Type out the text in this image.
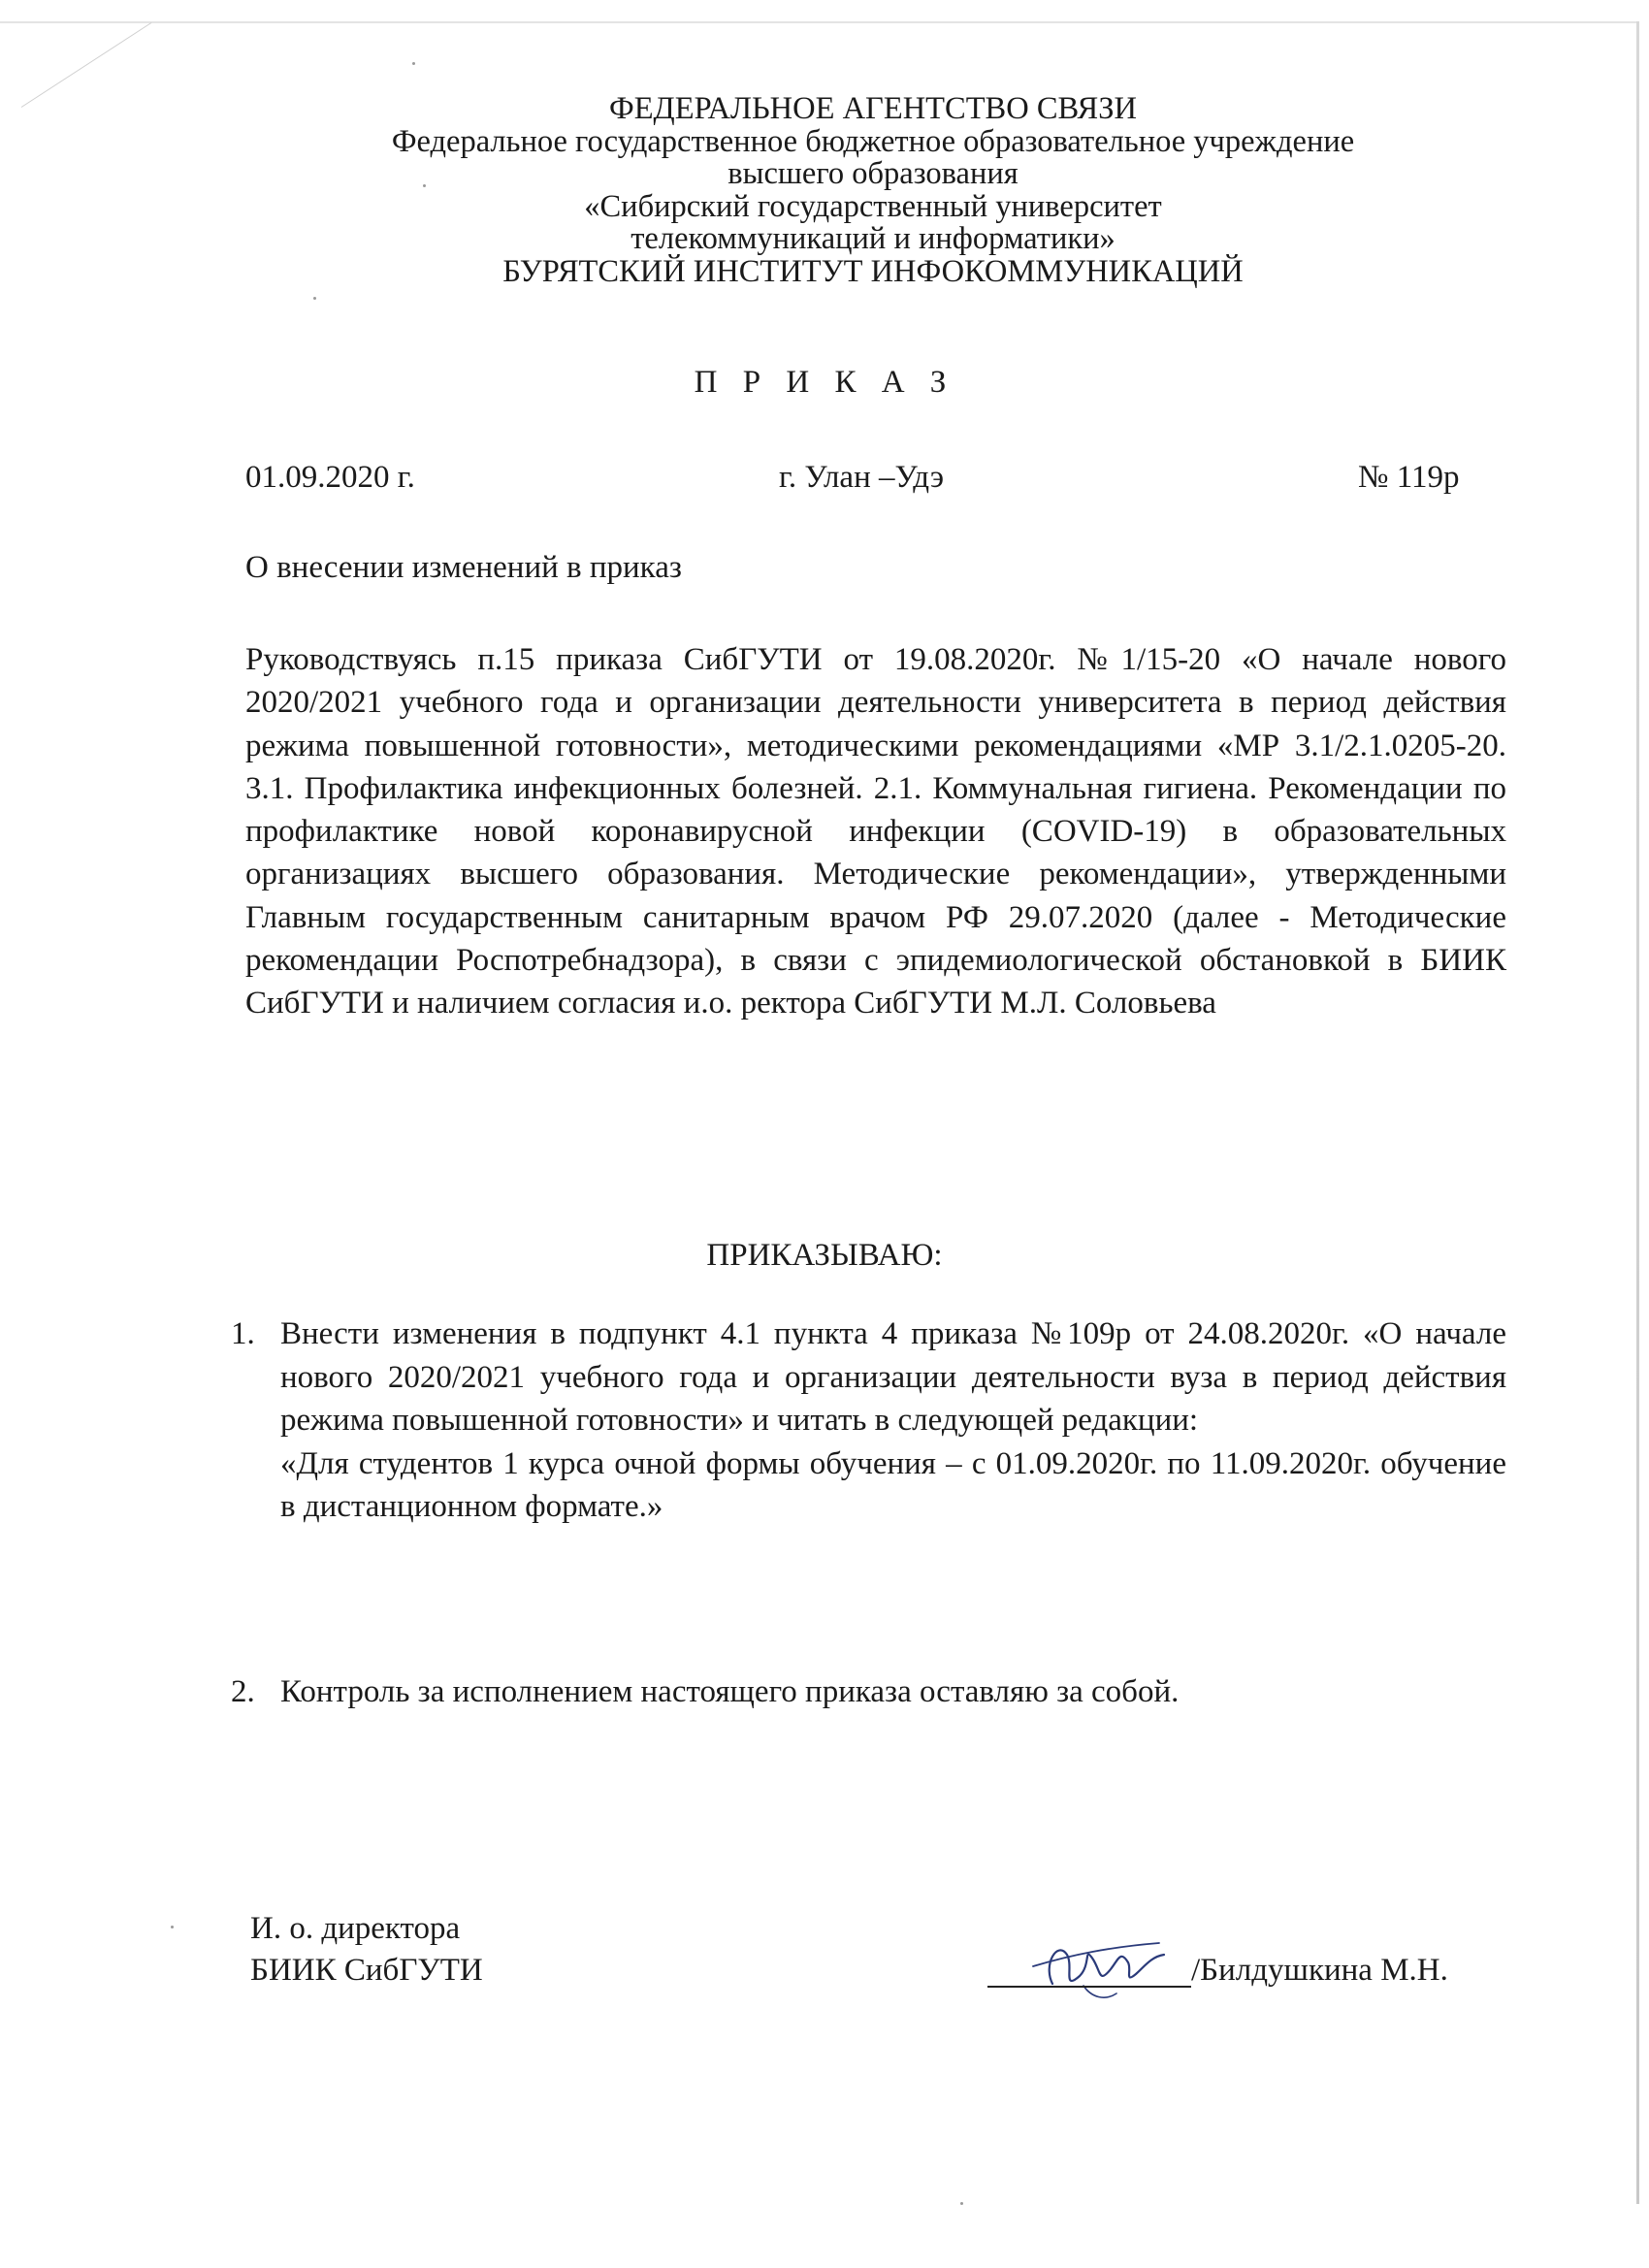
ФЕДЕРАЛЬНОЕ АГЕНТСТВО СВЯЗИ
Федеральное государственное бюджетное образовательное учреждение
высшего образования
«Сибирский государственный университет
телекоммуникаций и информатики»
БУРЯТСКИЙ ИНСТИТУТ ИНФОКОММУНИКАЦИЙ
П Р И К А З
01.09.2020 г.	г. Улан –Удэ	№ 119р
О внесении изменений в приказ
Руководствуясь п.15 приказа СибГУТИ от 19.08.2020г. №1/15-20 «О начале нового 2020/2021 учебного года и организации деятельности университета в период действия режима повышенной готовности», методическими рекомендациями «МР 3.1/2.1.0205-20. 3.1. Профилактика инфекционных болезней. 2.1. Коммунальная гигиена. Рекомендации по профилактике новой коронавирусной инфекции (COVID-19) в образовательных организациях высшего образования. Методические рекомендации», утвержденными Главным государственным санитарным врачом РФ 29.07.2020 (далее - Методические рекомендации Роспотребнадзора), в связи с эпидемиологической обстановкой в БИИК СибГУТИ и наличием согласия и.о. ректора СибГУТИ М.Л. Соловьева
ПРИКАЗЫВАЮ:
1. Внести изменения в подпункт 4.1 пункта 4 приказа №109р от 24.08.2020г. «О начале нового 2020/2021 учебного года и организации деятельности вуза в период действия режима повышенной готовности» и читать в следующей редакции:
«Для студентов 1 курса очной формы обучения – с 01.09.2020г. по 11.09.2020г. обучение в дистанционном формате.»
2. Контроль за исполнением настоящего приказа оставляю за собой.
И. о. директора
БИИК СибГУТИ	/Билдушкина М.Н.
